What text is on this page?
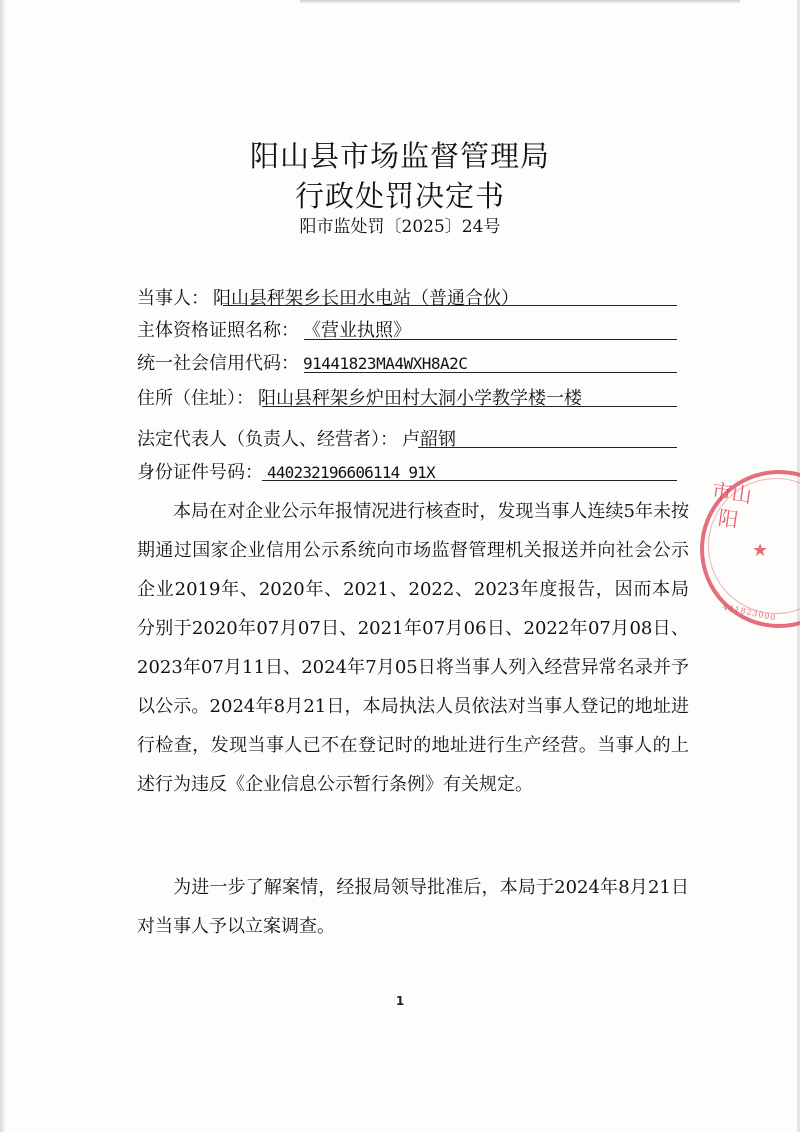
阳山县市场监督管理局
行政处罚决定书
阳市监处罚〔2025〕24号
当事人： 阳山县秤架乡长田水电站（普通合伙）
主体资格证照名称： 《营业执照》
统一社会信用代码： 91441823MA4WXH8A2C
住所（住址）： 阳山县秤架乡炉田村大洞小学教学楼一楼
法定代表人（负责人、经营者）： 卢韶钢
身份证件号码： 440232196606114 91X
本局在对企业公示年报情况进行核查时，发现当事人连续5年未按期通过国家企业信用公示系统向市场监督管理机关报送并向社会公示企业2019年、2020年、2021、2022、2023年度报告，因而本局分别于2020年07月07日、2021年07月06日、2022年07月08日、2023年07月11日、2024年7月05日将当事人列入经营异常名录并予以公示。2024年8月21日，本局执法人员依法对当事人登记的地址进行检查，发现当事人已不在登记时的地址进行生产经营。当事人的上述行为违反《企业信息公示暂行条例》有关规定。
为进一步了解案情，经报局领导批准后，本局于2024年8月21日对当事人予以立案调查。
1
市山阳
★
441823000
